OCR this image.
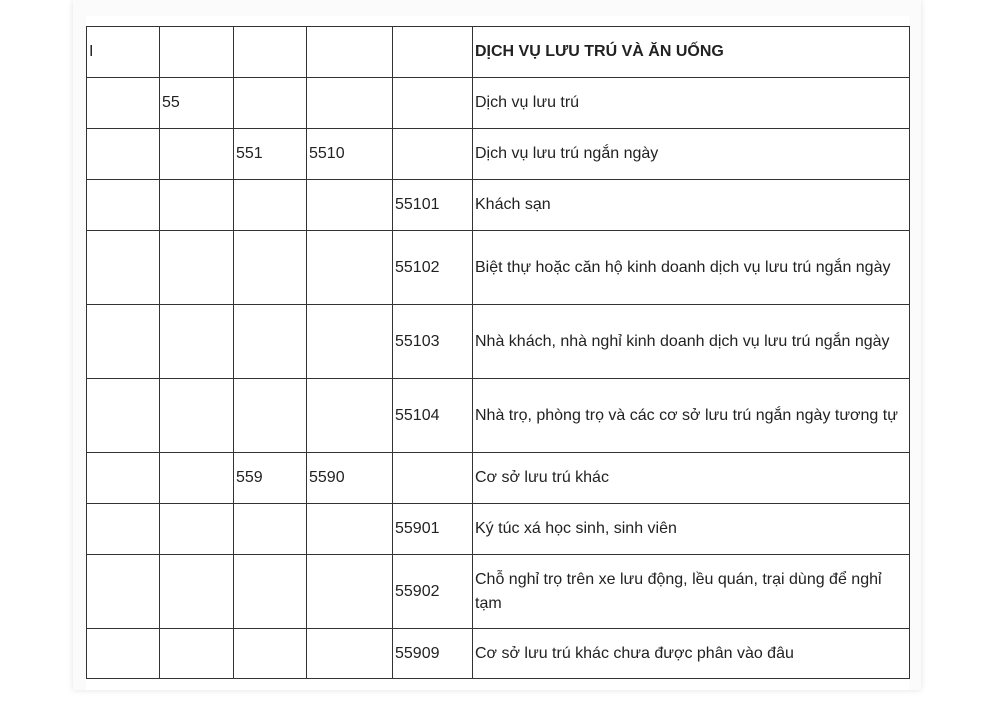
I					DỊCH VỤ LƯU TRÚ VÀ ĂN UỐNG
	55				Dịch vụ lưu trú
		551	5510		Dịch vụ lưu trú ngắn ngày
				55101	Khách sạn
				55102	Biệt thự hoặc căn hộ kinh doanh dịch vụ lưu trú ngắn ngày
				55103	Nhà khách, nhà nghỉ kinh doanh dịch vụ lưu trú ngắn ngày
				55104	Nhà trọ, phòng trọ và các cơ sở lưu trú ngắn ngày tương tự
		559	5590		Cơ sở lưu trú khác
				55901	Ký túc xá học sinh, sinh viên
				55902	Chỗ nghỉ trọ trên xe lưu động, lều quán, trại dùng để nghỉ tạm
				55909	Cơ sở lưu trú khác chưa được phân vào đâu
